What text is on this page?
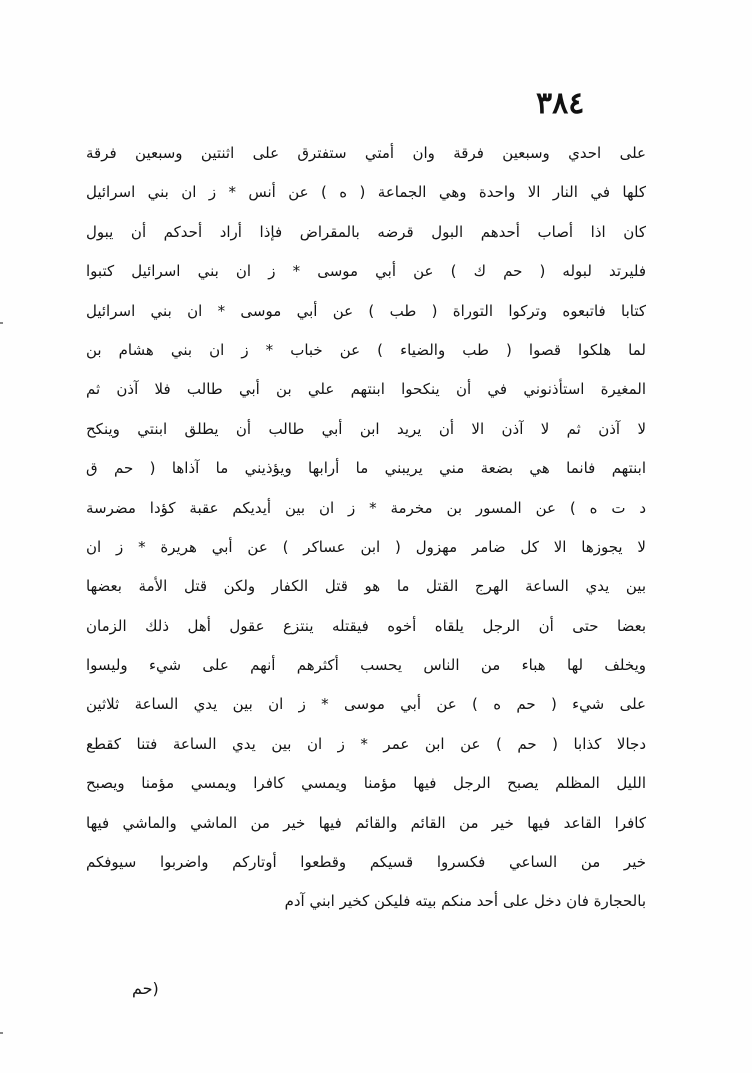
٣٨٤
على احدي وسبعين فرقة وان أمتي ستفترق على اثنتين وسبعين فرقة
كلها في النار الا واحدة وهي الجماعة ( ه ) عن أنس * ز ان بني اسرائيل
كان اذا أصاب أحدهم البول قرضه بالمقراض فإذا أراد أحدكم أن يبول
فليرتد لبوله ( حم ك ) عن أبي موسى * ز ان بني اسرائيل كتبوا
كتابا فاتبعوه وتركوا التوراة ( طب ) عن أبي موسى * ان بني اسرائيل
لما هلكوا قصوا ( طب والضياء ) عن خباب * ز ان بني هشام بن
المغيرة استأذنوني في أن ينكحوا ابنتهم علي بن أبي طالب فلا آذن ثم
لا آذن ثم لا آذن الا أن يريد ابن أبي طالب أن يطلق ابنتي وينكح
ابنتهم فانما هي بضعة مني يريبني ما أرابها ويؤذيني ما آذاها ( حم ق
د ت ه ) عن المسور بن مخرمة * ز ان بين أيديكم عقبة كؤدا مضرسة
لا يجوزها الا كل ضامر مهزول ( ابن عساكر ) عن أبي هريرة * ز ان
بين يدي الساعة الهرج القتل ما هو قتل الكفار ولكن قتل الأمة بعضها
بعضا حتى أن الرجل يلقاه أخوه فيقتله ينتزع عقول أهل ذلك الزمان
ويخلف لها هباء من الناس يحسب أكثرهم أنهم على شيء وليسوا
على شيء ( حم ه ) عن أبي موسى * ز ان بين يدي الساعة ثلاثين
دجالا كذابا ( حم ) عن ابن عمر * ز ان بين يدي الساعة فتنا كقطع
الليل المظلم يصبح الرجل فيها مؤمنا ويمسي كافرا ويمسي مؤمنا ويصبح
كافرا القاعد فيها خير من القائم والقائم فيها خير من الماشي والماشي فيها
خير من الساعي فكسروا قسيكم وقطعوا أوتاركم واضربوا سيوفكم
بالحجارة فان دخل على أحد منكم بيته فليكن كخير ابني آدم
(حم
